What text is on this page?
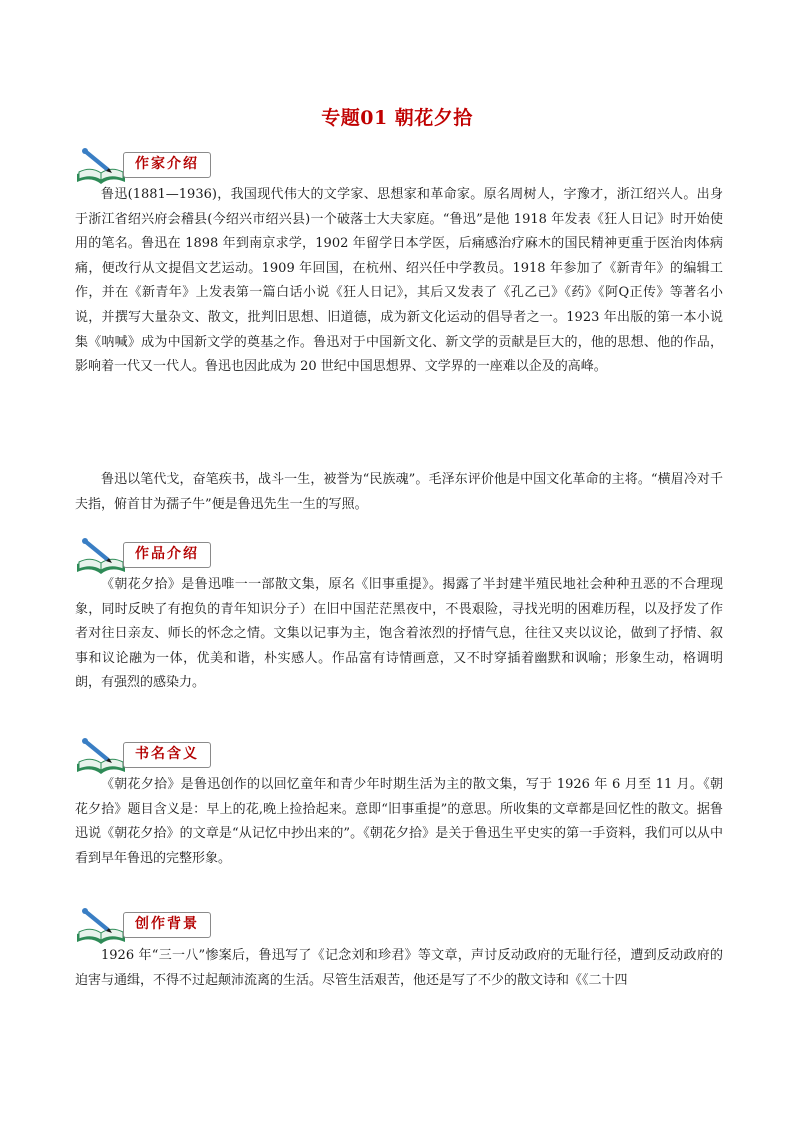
专题01 朝花夕拾
作家介绍

鲁迅(1881—1936)，我国现代伟大的文学家、思想家和革命家。原名周树人，字豫才，浙江绍兴人。出身于浙江省绍兴府会稽县(今绍兴市绍兴县)一个破落士大夫家庭。“鲁迅”是他 1918 年发表《狂人日记》时开始使用的笔名。鲁迅在 1898 年到南京求学，1902 年留学日本学医，后痛感治疗麻木的国民精神更重于医治肉体病痛，便改行从文提倡文艺运动。1909 年回国，在杭州、绍兴任中学教员。1918 年参加了《新青年》的编辑工作，并在《新青年》上发表第一篇白话小说《狂人日记》，其后又发表了《孔乙己》《药》《阿Q正传》等著名小说，并撰写大量杂文、散文，批判旧思想、旧道德，成为新文化运动的倡导者之一。1923 年出版的第一本小说集《呐喊》成为中国新文学的奠基之作。鲁迅对于中国新文化、新文学的贡献是巨大的，他的思想、他的作品，影响着一代又一代人。鲁迅也因此成为 20 世纪中国思想界、文学界的一座难以企及的高峰。

鲁迅以笔代戈，奋笔疾书，战斗一生，被誉为“民族魂”。毛泽东评价他是中国文化革命的主将。“横眉冷对千夫指，俯首甘为孺子牛”便是鲁迅先生一生的写照。

作品介绍

《朝花夕拾》是鲁迅唯一一部散文集，原名《旧事重提》。揭露了半封建半殖民地社会种种丑恶的不合理现象，同时反映了有抱负的青年知识分子）在旧中国茫茫黑夜中，不畏艰险，寻找光明的困难历程，以及抒发了作者对往日亲友、师长的怀念之情。文集以记事为主，饱含着浓烈的抒情气息，往往又夹以议论，做到了抒情、叙事和议论融为一体，优美和谐，朴实感人。作品富有诗情画意，又不时穿插着幽默和讽喻；形象生动，格调明朗，有强烈的感染力。

书名含义

《朝花夕拾》是鲁迅创作的以回忆童年和青少年时期生活为主的散文集，写于 1926 年 6 月至 11 月。《朝花夕拾》题目含义是：早上的花,晚上捡拾起来。意即“旧事重提”的意思。所收集的文章都是回忆性的散文。据鲁迅说《朝花夕拾》的文章是“从记忆中抄出来的”。《朝花夕拾》是关于鲁迅生平史实的第一手资料，我们可以从中看到早年鲁迅的完整形象。

创作背景

1926 年“三一八”惨案后，鲁迅写了《记念刘和珍君》等文章，声讨反动政府的无耻行径，遭到反动政府的迫害与通缉，不得不过起颠沛流离的生活。尽管生活艰苦，他还是写了不少的散文诗和《《二十四
